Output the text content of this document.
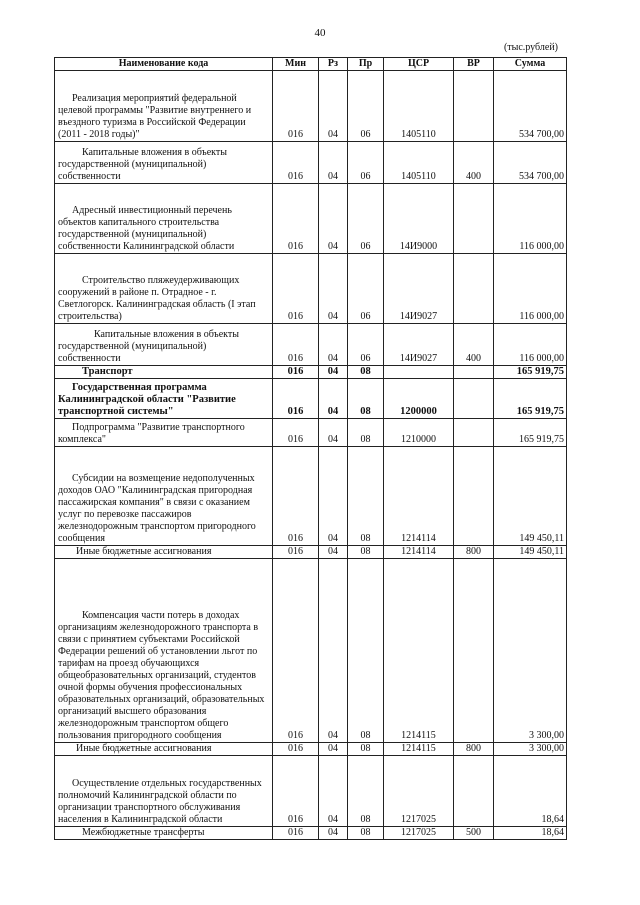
40
(тыс.рублей)
Наименование кода	Мин	Рз	Пр	ЦСР	ВР	Сумма
Реализация мероприятий федеральной целевой программы "Развитие внутреннего и въездного туризма в Российской Федерации (2011 - 2018 годы)"	016	04	06	1405110		534 700,00
Капитальные вложения в объекты государственной (муниципальной) собственности	016	04	06	1405110	400	534 700,00
Адресный инвестиционный перечень объектов капитального строительства государственной (муниципальной) собственности Калининградской области	016	04	06	14И9000		116 000,00
Строительство пляжеудерживающих сооружений в районе п. Отрадное - г. Светлогорск. Калининградская область (I этап строительства)	016	04	06	14И9027		116 000,00
Капитальные вложения в объекты государственной (муниципальной) собственности	016	04	06	14И9027	400	116 000,00
Транспорт	016	04	08			165 919,75
Государственная программа Калининградской области "Развитие транспортной системы"	016	04	08	1200000		165 919,75
Подпрограмма "Развитие транспортного комплекса"	016	04	08	1210000		165 919,75
Субсидии на возмещение недополученных доходов ОАО "Калининградская пригородная пассажирская компания" в связи с оказанием услуг по перевозке пассажиров железнодорожным транспортом пригородного сообщения	016	04	08	1214114		149 450,11
Иные бюджетные ассигнования	016	04	08	1214114	800	149 450,11
Компенсация части потерь в доходах организациям железнодорожного транспорта в связи с принятием субъектами Российской Федерации решений об установлении льгот по тарифам на проезд обучающихся общеобразовательных организаций, студентов очной формы обучения профессиональных образовательных организаций, образовательных организаций высшего образования железнодорожным транспортом общего пользования пригородного сообщения	016	04	08	1214115		3 300,00
Иные бюджетные ассигнования	016	04	08	1214115	800	3 300,00
Осуществление отдельных государственных полномочий Калининградской области по организации транспортного обслуживания населения в Калининградской области	016	04	08	1217025		18,64
Межбюджетные трансферты	016	04	08	1217025	500	18,64
